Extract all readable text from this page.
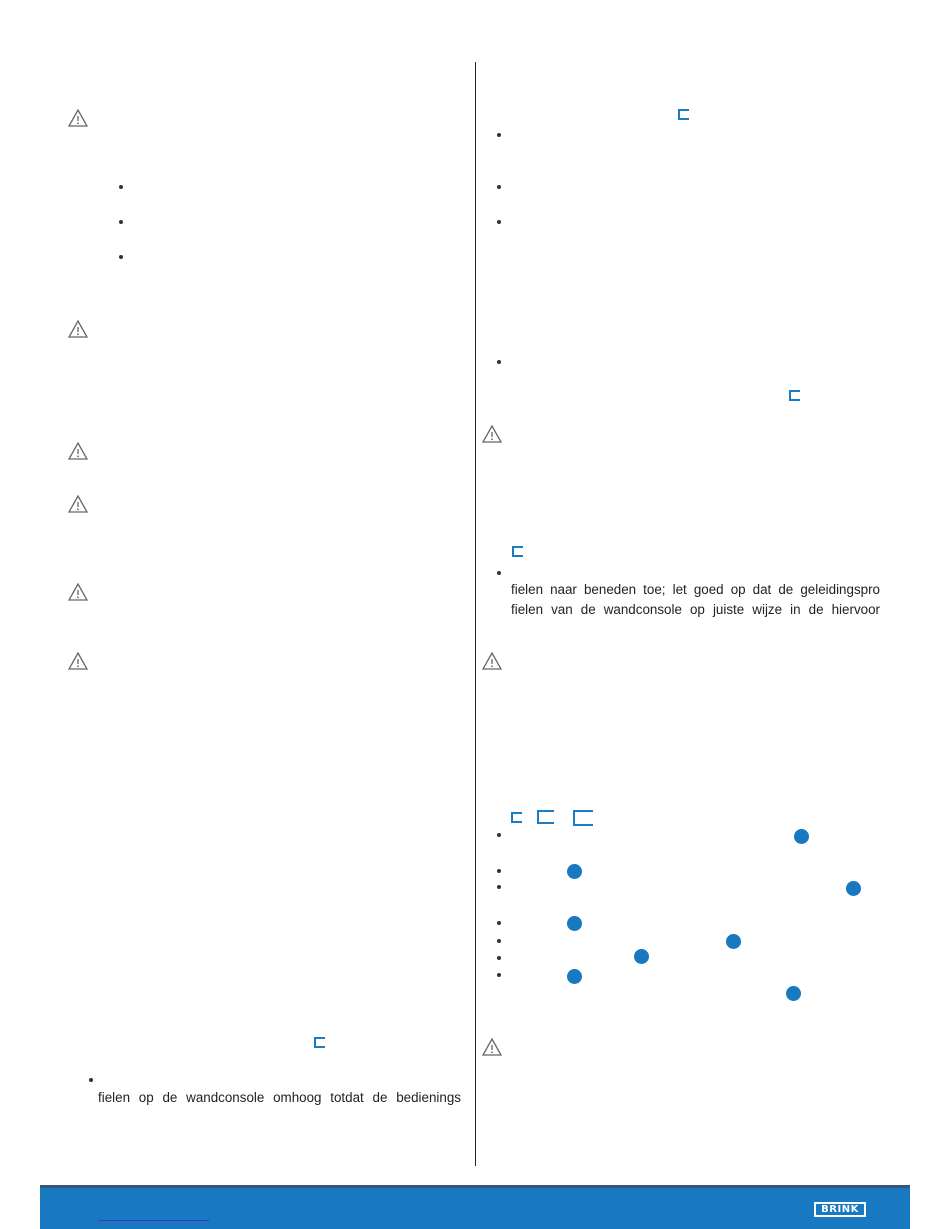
fielen op de wandconsole omhoog totdat de bedienings
fielen naar beneden toe; let goed op dat de geleidingspro
fielen van de wandconsole op juiste wijze in de hiervoor
BRINK
